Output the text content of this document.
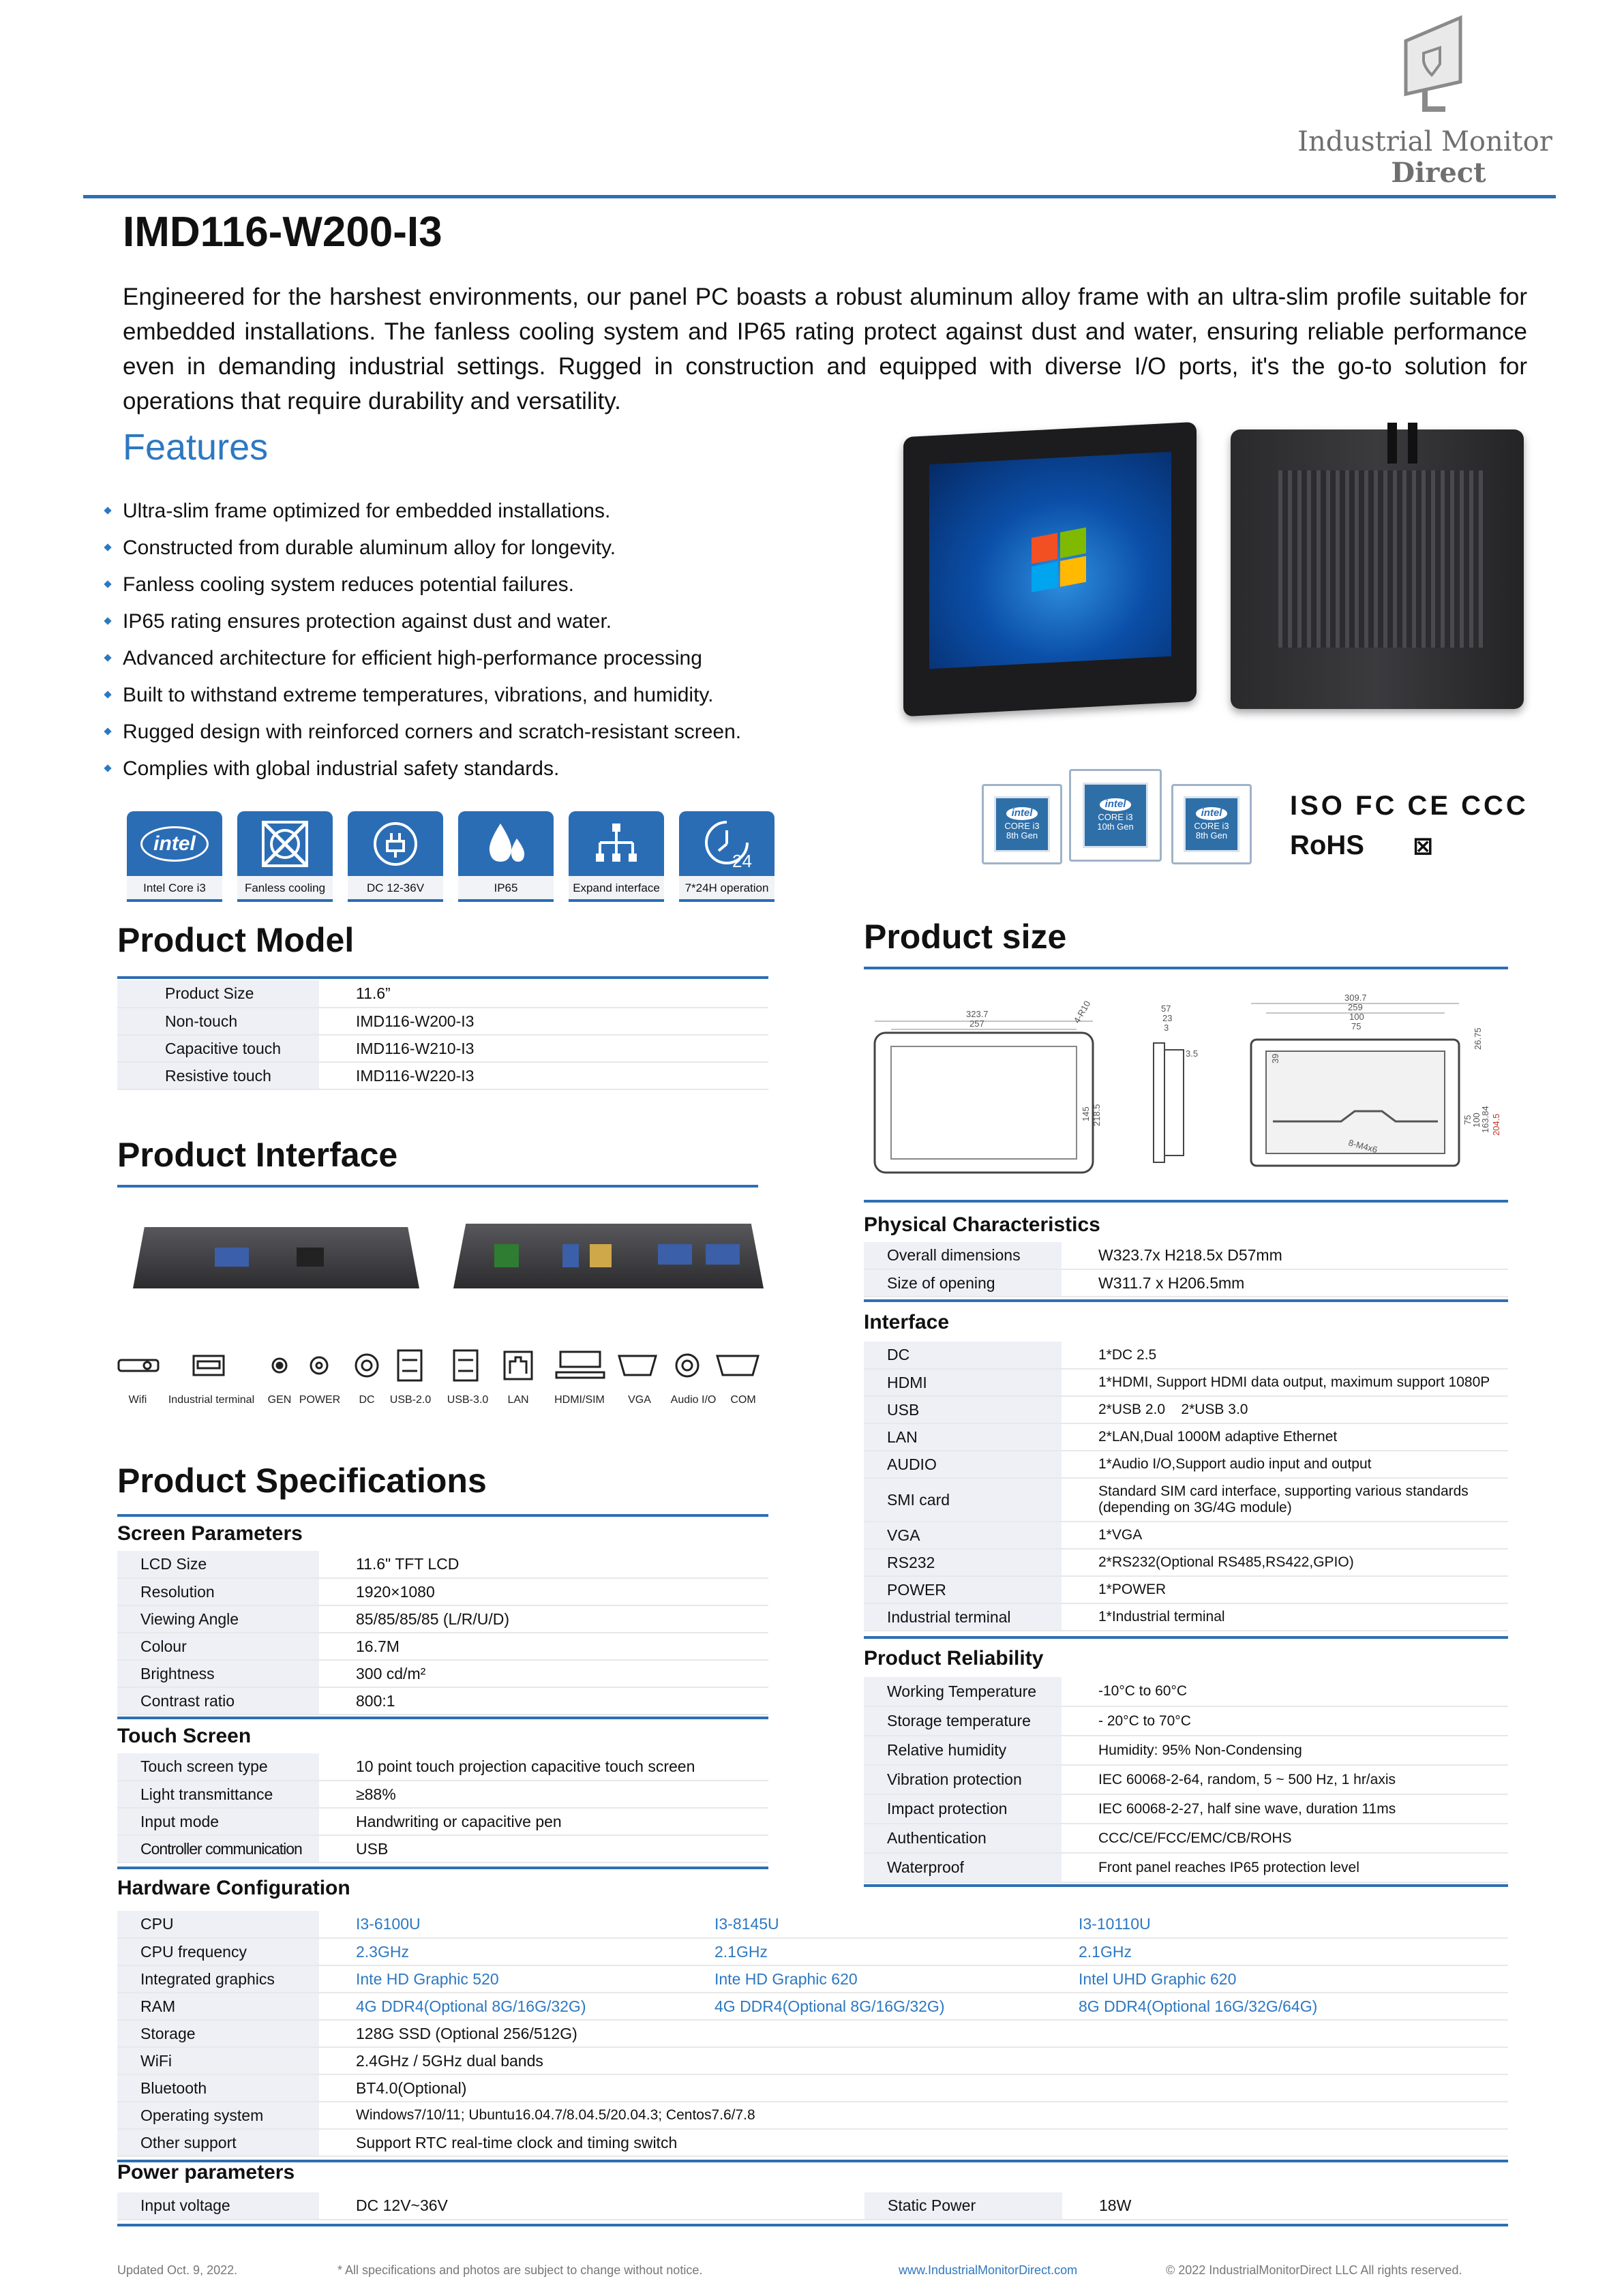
Industrial Monitor
Direct
IMD116-W200-I3
Engineered for the harshest environments, our panel PC boasts a robust aluminum alloy frame with an ultra-slim profile suitable for embedded installations. The fanless cooling system and IP65 rating protect against dust and water, ensuring reliable performance even in demanding industrial settings. Rugged in construction and equipped with diverse I/O ports, it's the go-to solution for operations that require durability and versatility.
Features
Ultra-slim frame optimized for embedded installations.
Constructed from durable aluminum alloy for longevity.
Fanless cooling system reduces potential failures.
IP65 rating ensures protection against dust and water.
Advanced architecture for efficient high-performance processing
Built to withstand extreme temperatures, vibrations, and humidity.
Rugged design with reinforced corners and scratch-resistant screen.
Complies with global industrial safety standards.
intel
Intel Core i3	Fanless cooling	DC 12-36V	IP65	Expand interface
24
7*24H operation
intel
CORE i3
8th Gen
intel
CORE i3
10th Gen
intel
CORE i3
8th Gen
ISO FC CE CCC
RoHS ⊠
Product Model
Product Size	11.6”
Non-touch	IMD116-W200-I3
Capacitive touch	IMD116-W210-I3
Resistive touch	IMD116-W220-I3
Product size
323.7
257	4-R10
145 218.5
57
23
3
3.5
309.7
259
100
75
26.75
75
100
163.84 204.5
8-M4x6
39
Product Interface
Wifi	Industrial terminal	GEN POWER	DC	USB-2.0	USB-3.0	LAN	HDMI/SIM	VGA	Audio I/O	COM
Product Specifications
Screen Parameters
LCD Size	11.6" TFT LCD
Resolution	1920×1080
Viewing Angle	85/85/85/85 (L/R/U/D)
Colour	16.7M
Brightness	300 cd/m²
Contrast ratio	800:1
Touch Screen
Touch screen type	10 point touch projection capacitive touch screen
Light transmittance	≥88%
Input mode	Handwriting or capacitive pen
Controller communication	USB
Physical Characteristics
Overall dimensions	W323.7x H218.5x D57mm
Size of opening	W311.7 x H206.5mm
Interface
DC	1*DC 2.5
HDMI	1*HDMI, Support HDMI data output, maximum support 1080P
USB	2*USB 2.0    2*USB 3.0
LAN	2*LAN,Dual 1000M adaptive Ethernet
AUDIO	1*Audio I/O,Support audio input and output
SMI card	Standard SIM card interface, supporting various standards (depending on 3G/4G module)
VGA	1*VGA
RS232	2*RS232(Optional RS485,RS422,GPIO)
POWER	1*POWER
Industrial terminal	1*Industrial terminal
Product Reliability
Working Temperature	-10°C to 60°C
Storage temperature	- 20°C to 70°C
Relative humidity	Humidity: 95% Non-Condensing
Vibration protection	IEC 60068-2-64, random, 5 ~ 500 Hz, 1 hr/axis
Impact protection	IEC 60068-2-27, half sine wave, duration 11ms
Authentication	CCC/CE/FCC/EMC/CB/ROHS
Waterproof	Front panel reaches IP65 protection level
Hardware Configuration
CPU	I3-6100U	I3-8145U	I3-10110U
CPU frequency	2.3GHz	2.1GHz	2.1GHz
Integrated graphics	Inte HD Graphic 520	Inte HD Graphic 620	Intel UHD Graphic 620
RAM	4G DDR4(Optional 8G/16G/32G)	4G DDR4(Optional 8G/16G/32G)	8G DDR4(Optional 16G/32G/64G)
Storage	128G SSD (Optional 256/512G)		
WiFi	2.4GHz / 5GHz dual bands		
Bluetooth	BT4.0(Optional)		
Operating system	Windows7/10/11; Ubuntu16.04.7/8.04.5/20.04.3; Centos7.6/7.8		
Other support	Support RTC real-time clock and timing switch		
Power parameters
Input voltage	DC 12V~36V	Static Power	18W
Updated Oct. 9, 2022.	* All specifications and photos are subject to change without notice.	www.IndustrialMonitorDirect.com	© 2022 IndustrialMonitorDirect LLC All rights reserved.
